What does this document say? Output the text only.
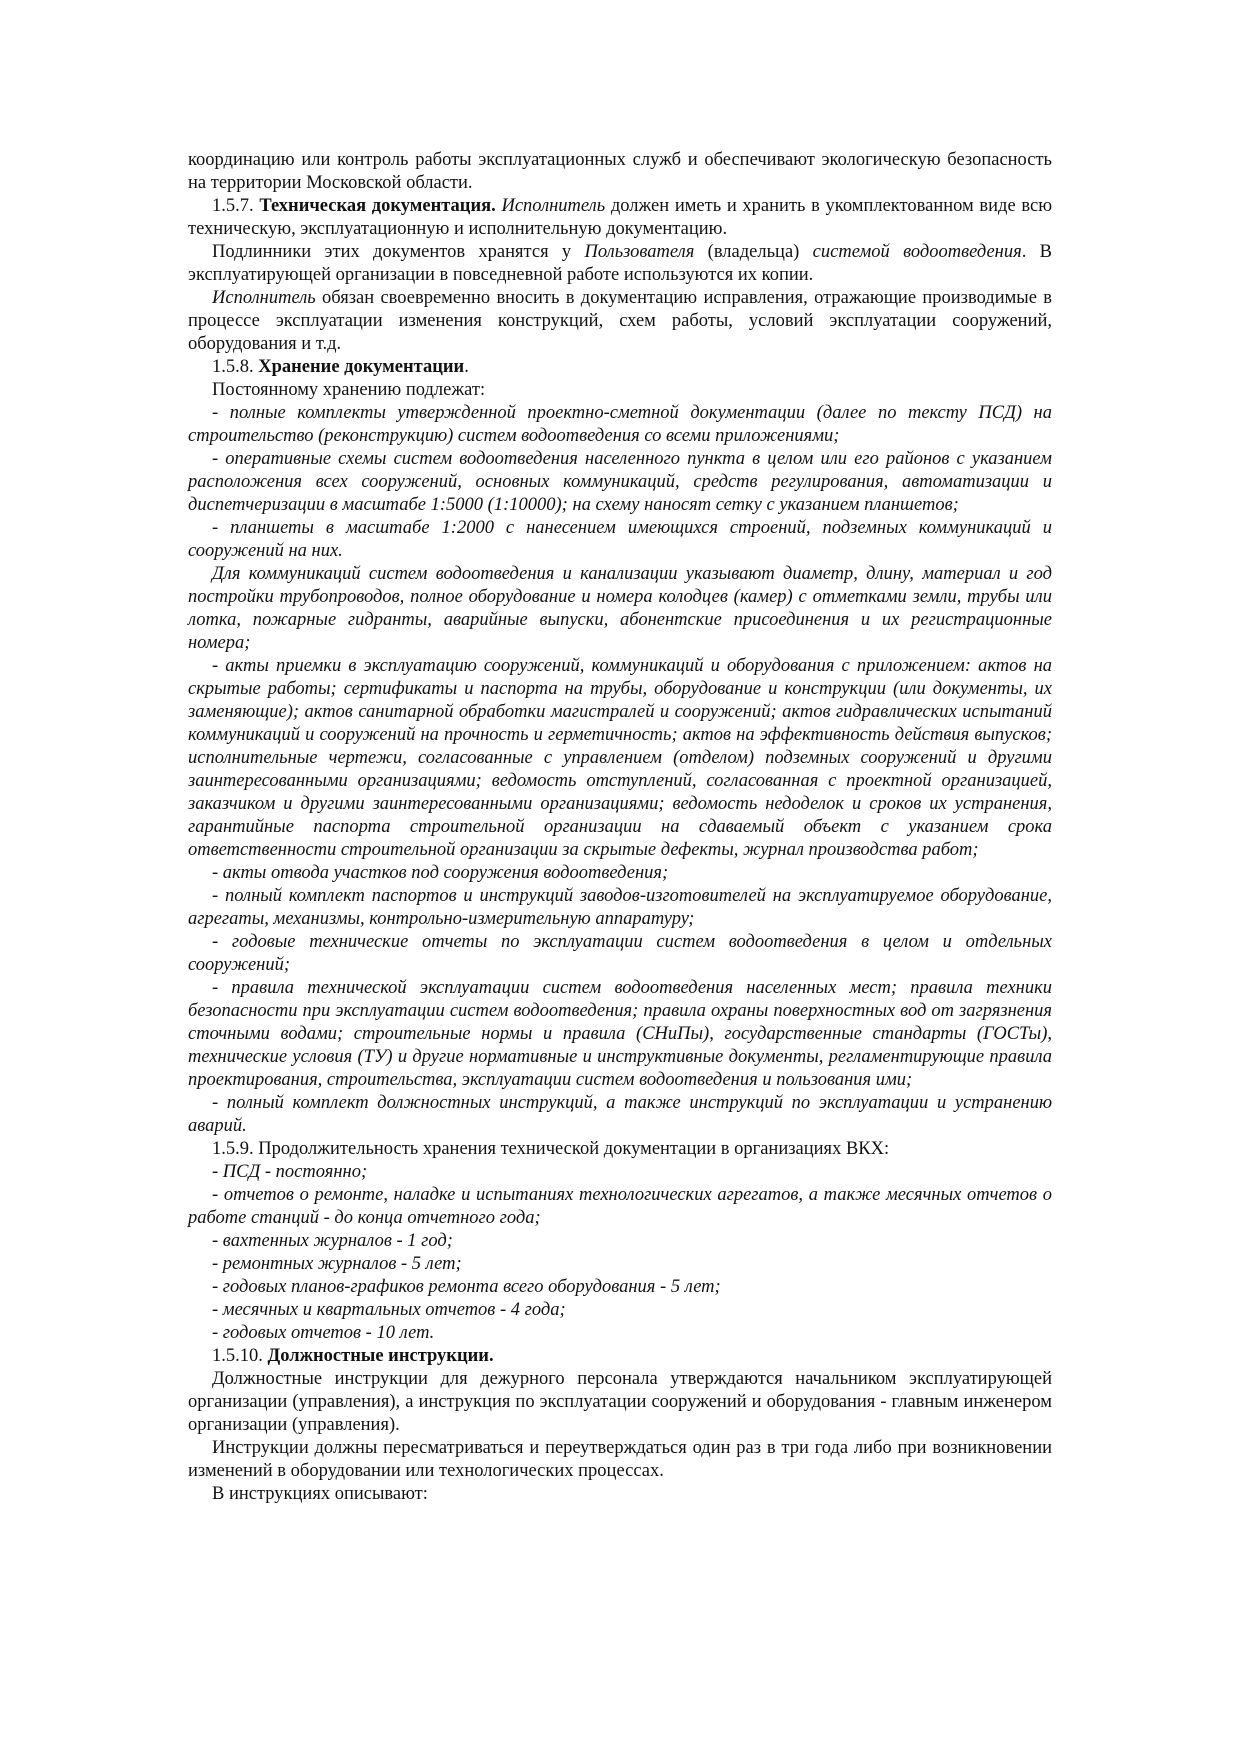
координацию или контроль работы эксплуатационных служб и обеспечивают экологическую безопасность на территории Московской области.

1.5.7. Техническая документация. Исполнитель должен иметь и хранить в укомплектованном виде всю техническую, эксплуатационную и исполнительную документацию.

Подлинники этих документов хранятся у Пользователя (владельца) системой водоотведения. В эксплуатирующей организации в повседневной работе используются их копии.

Исполнитель обязан своевременно вносить в документацию исправления, отражающие производимые в процессе эксплуатации изменения конструкций, схем работы, условий эксплуатации сооружений, оборудования и т.д.

1.5.8. Хранение документации.

Постоянному хранению подлежат:

- полные комплекты утвержденной проектно-сметной документации (далее по тексту ПСД) на строительство (реконструкцию) систем водоотведения со всеми приложениями;

- оперативные схемы систем водоотведения населенного пункта в целом или его районов с указанием расположения всех сооружений, основных коммуникаций, средств регулирования, автоматизации и диспетчеризации в масштабе 1:5000 (1:10000); на схему наносят сетку с указанием планшетов;

- планшеты в масштабе 1:2000 с нанесением имеющихся строений, подземных коммуникаций и сооружений на них.

Для коммуникаций систем водоотведения и канализации указывают диаметр, длину, материал и год постройки трубопроводов, полное оборудование и номера колодцев (камер) с отметками земли, трубы или лотка, пожарные гидранты, аварийные выпуски, абонентские присоединения и их регистрационные номера;

- акты приемки в эксплуатацию сооружений, коммуникаций и оборудования с приложением: актов на скрытые работы; сертификаты и паспорта на трубы, оборудование и конструкции (или документы, их заменяющие); актов санитарной обработки магистралей и сооружений; актов гидравлических испытаний коммуникаций и сооружений на прочность и герметичность; актов на эффективность действия выпусков; исполнительные чертежи, согласованные с управлением (отделом) подземных сооружений и другими заинтересованными организациями; ведомость отступлений, согласованная с проектной организацией, заказчиком и другими заинтересованными организациями; ведомость недоделок и сроков их устранения, гарантийные паспорта строительной организации на сдаваемый объект с указанием срока ответственности строительной организации за скрытые дефекты, журнал производства работ;

- акты отвода участков под сооружения водоотведения;

- полный комплект паспортов и инструкций заводов-изготовителей на эксплуатируемое оборудование, агрегаты, механизмы, контрольно-измерительную аппаратуру;

- годовые технические отчеты по эксплуатации систем водоотведения в целом и отдельных сооружений;

- правила технической эксплуатации систем водоотведения населенных мест; правила техники безопасности при эксплуатации систем водоотведения; правила охраны поверхностных вод от загрязнения сточными водами; строительные нормы и правила (СНиПы), государственные стандарты (ГОСТы), технические условия (ТУ) и другие нормативные и инструктивные документы, регламентирующие правила проектирования, строительства, эксплуатации систем водоотведения и пользования ими;

- полный комплект должностных инструкций, а также инструкций по эксплуатации и устранению аварий.

1.5.9. Продолжительность хранения технической документации в организациях ВКХ:

- ПСД - постоянно;

- отчетов о ремонте, наладке и испытаниях технологических агрегатов, а также месячных отчетов о работе станций - до конца отчетного года;

- вахтенных журналов - 1 год;

- ремонтных журналов - 5 лет;

- годовых планов-графиков ремонта всего оборудования - 5 лет;

- месячных и квартальных отчетов - 4 года;

- годовых отчетов - 10 лет.

1.5.10. Должностные инструкции.

Должностные инструкции для дежурного персонала утверждаются начальником эксплуатирующей организации (управления), а инструкция по эксплуатации сооружений и оборудования - главным инженером организации (управления).

Инструкции должны пересматриваться и переутверждаться один раз в три года либо при возникновении изменений в оборудовании или технологических процессах.

В инструкциях описывают:
